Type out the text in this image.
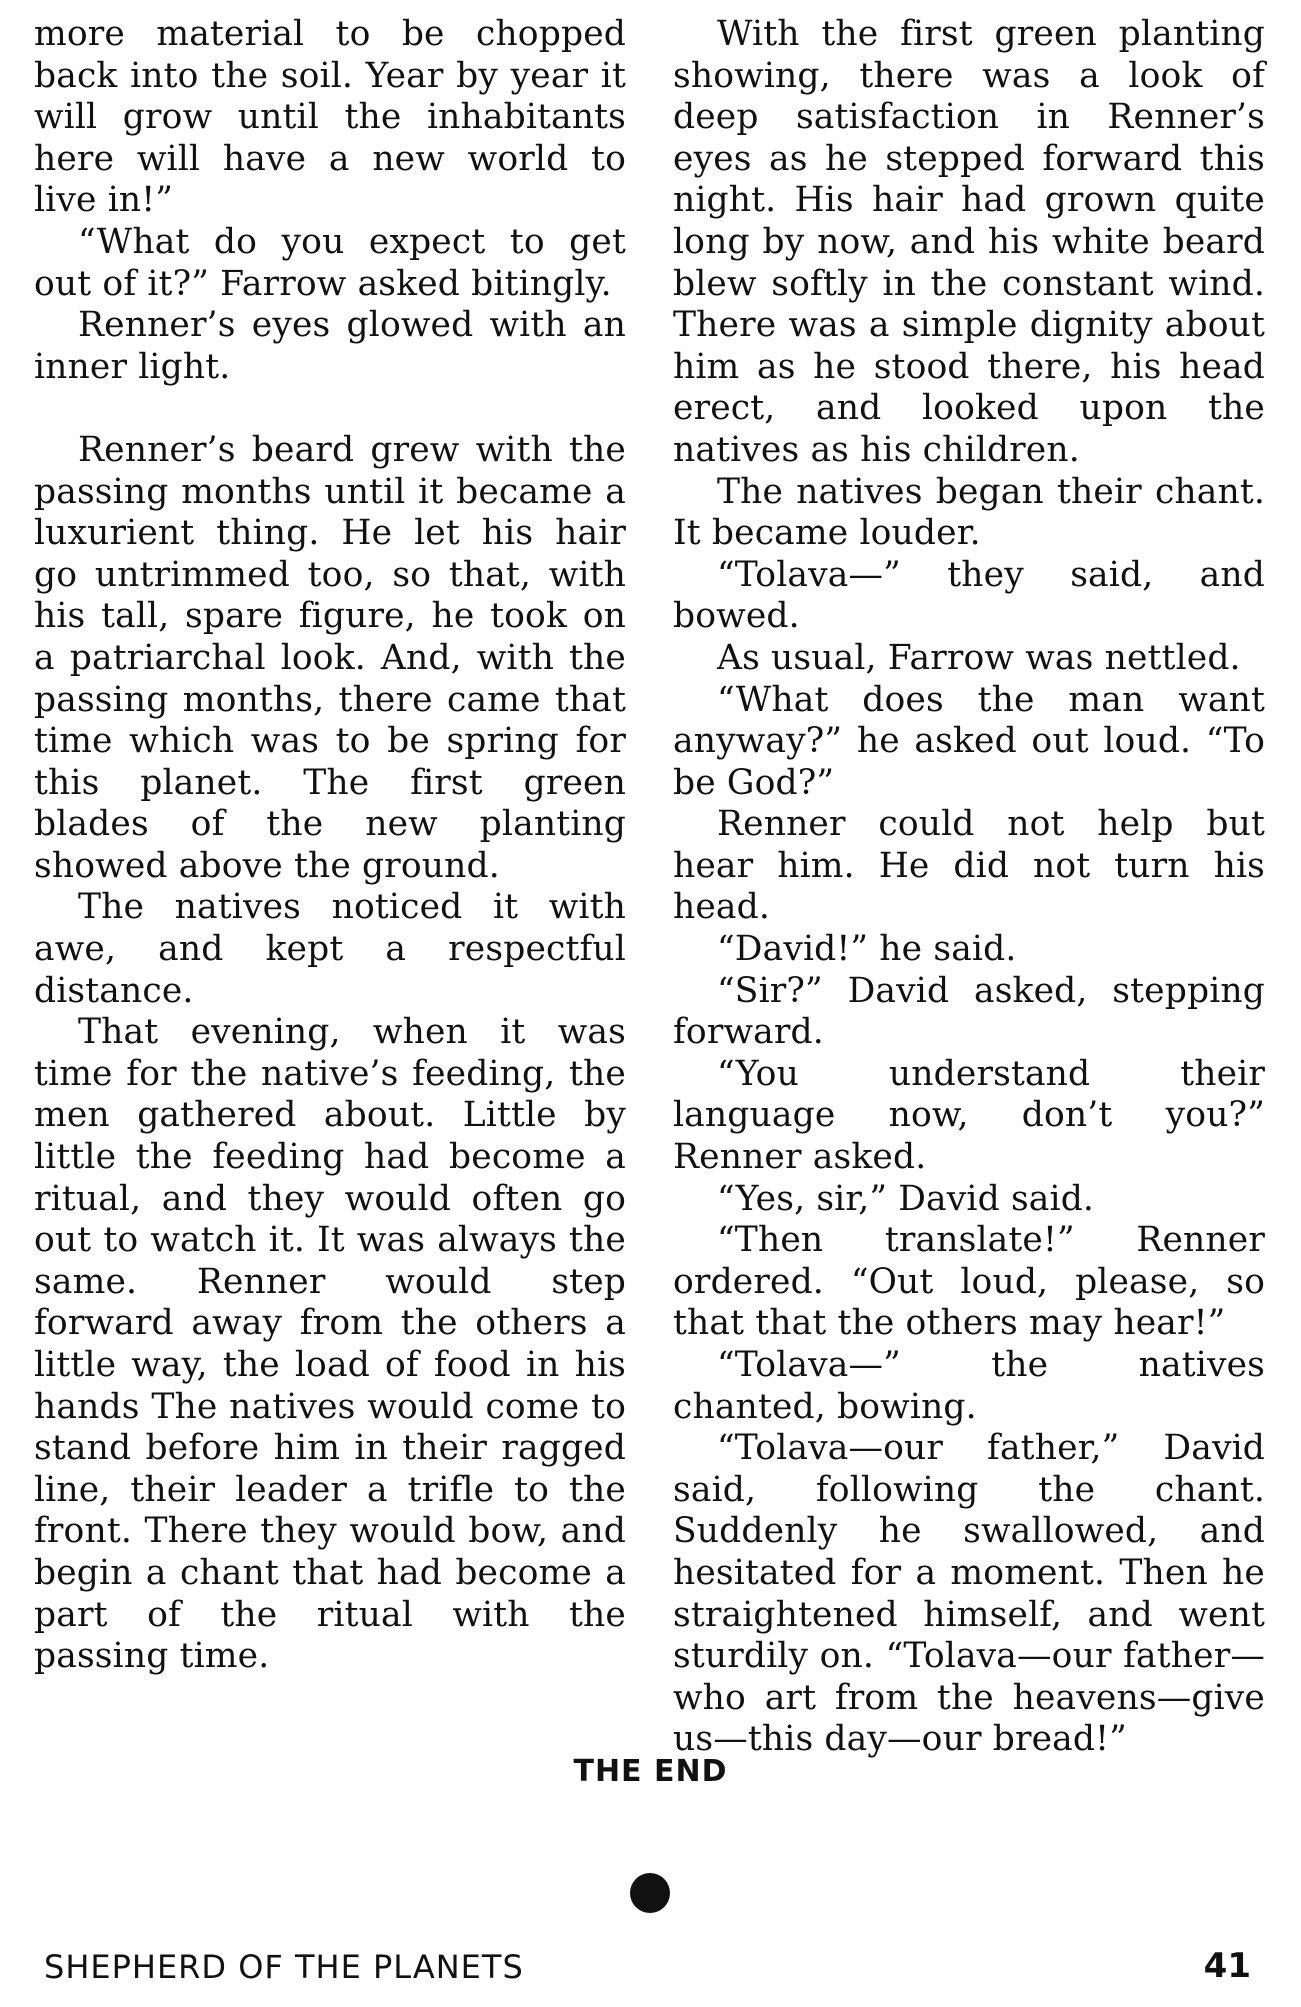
more material to be chopped back into the soil. Year by year it will grow until the inhabitants here will have a new world to live in!”

“What do you expect to get out of it?” Farrow asked bitingly.

Renner’s eyes glowed with an inner light.

Renner’s beard grew with the passing months until it became a luxurient thing. He let his hair go untrimmed too, so that, with his tall, spare figure, he took on a patriarchal look. And, with the passing months, there came that time which was to be spring for this planet. The first green blades of the new planting showed above the ground.

The natives noticed it with awe, and kept a respectful distance.

That evening, when it was time for the native’s feeding, the men gathered about. Little by little the feeding had become a ritual, and they would often go out to watch it. It was always the same. Renner would step forward away from the others a little way, the load of food in his hands The natives would come to stand before him in their ragged line, their leader a trifle to the front. There they would bow, and begin a chant that had become a part of the ritual with the passing time.

With the first green planting showing, there was a look of deep satisfaction in Renner’s eyes as he stepped forward this night. His hair had grown quite long by now, and his white beard blew softly in the constant wind. There was a simple dignity about him as he stood there, his head erect, and looked upon the natives as his children.

The natives began their chant. It became louder.

“Tolava—” they said, and bowed.

As usual, Farrow was nettled.

“What does the man want anyway?” he asked out loud. “To be God?”

Renner could not help but hear him. He did not turn his head.

“David!” he said.

“Sir?” David asked, stepping forward.

“You understand their language now, don’t you?” Renner asked.

“Yes, sir,” David said.

“Then translate!” Renner ordered. “Out loud, please, so that that the others may hear!”

“Tolava—” the natives chanted, bowing.

“Tolava—our father,” David said, following the chant. Suddenly he swallowed, and hesitated for a moment. Then he straightened himself, and went sturdily on. “Tolava—our father—who art from the heavens—give us—this day—our bread!”

THE END
SHEPHERD OF THE PLANETS	41
